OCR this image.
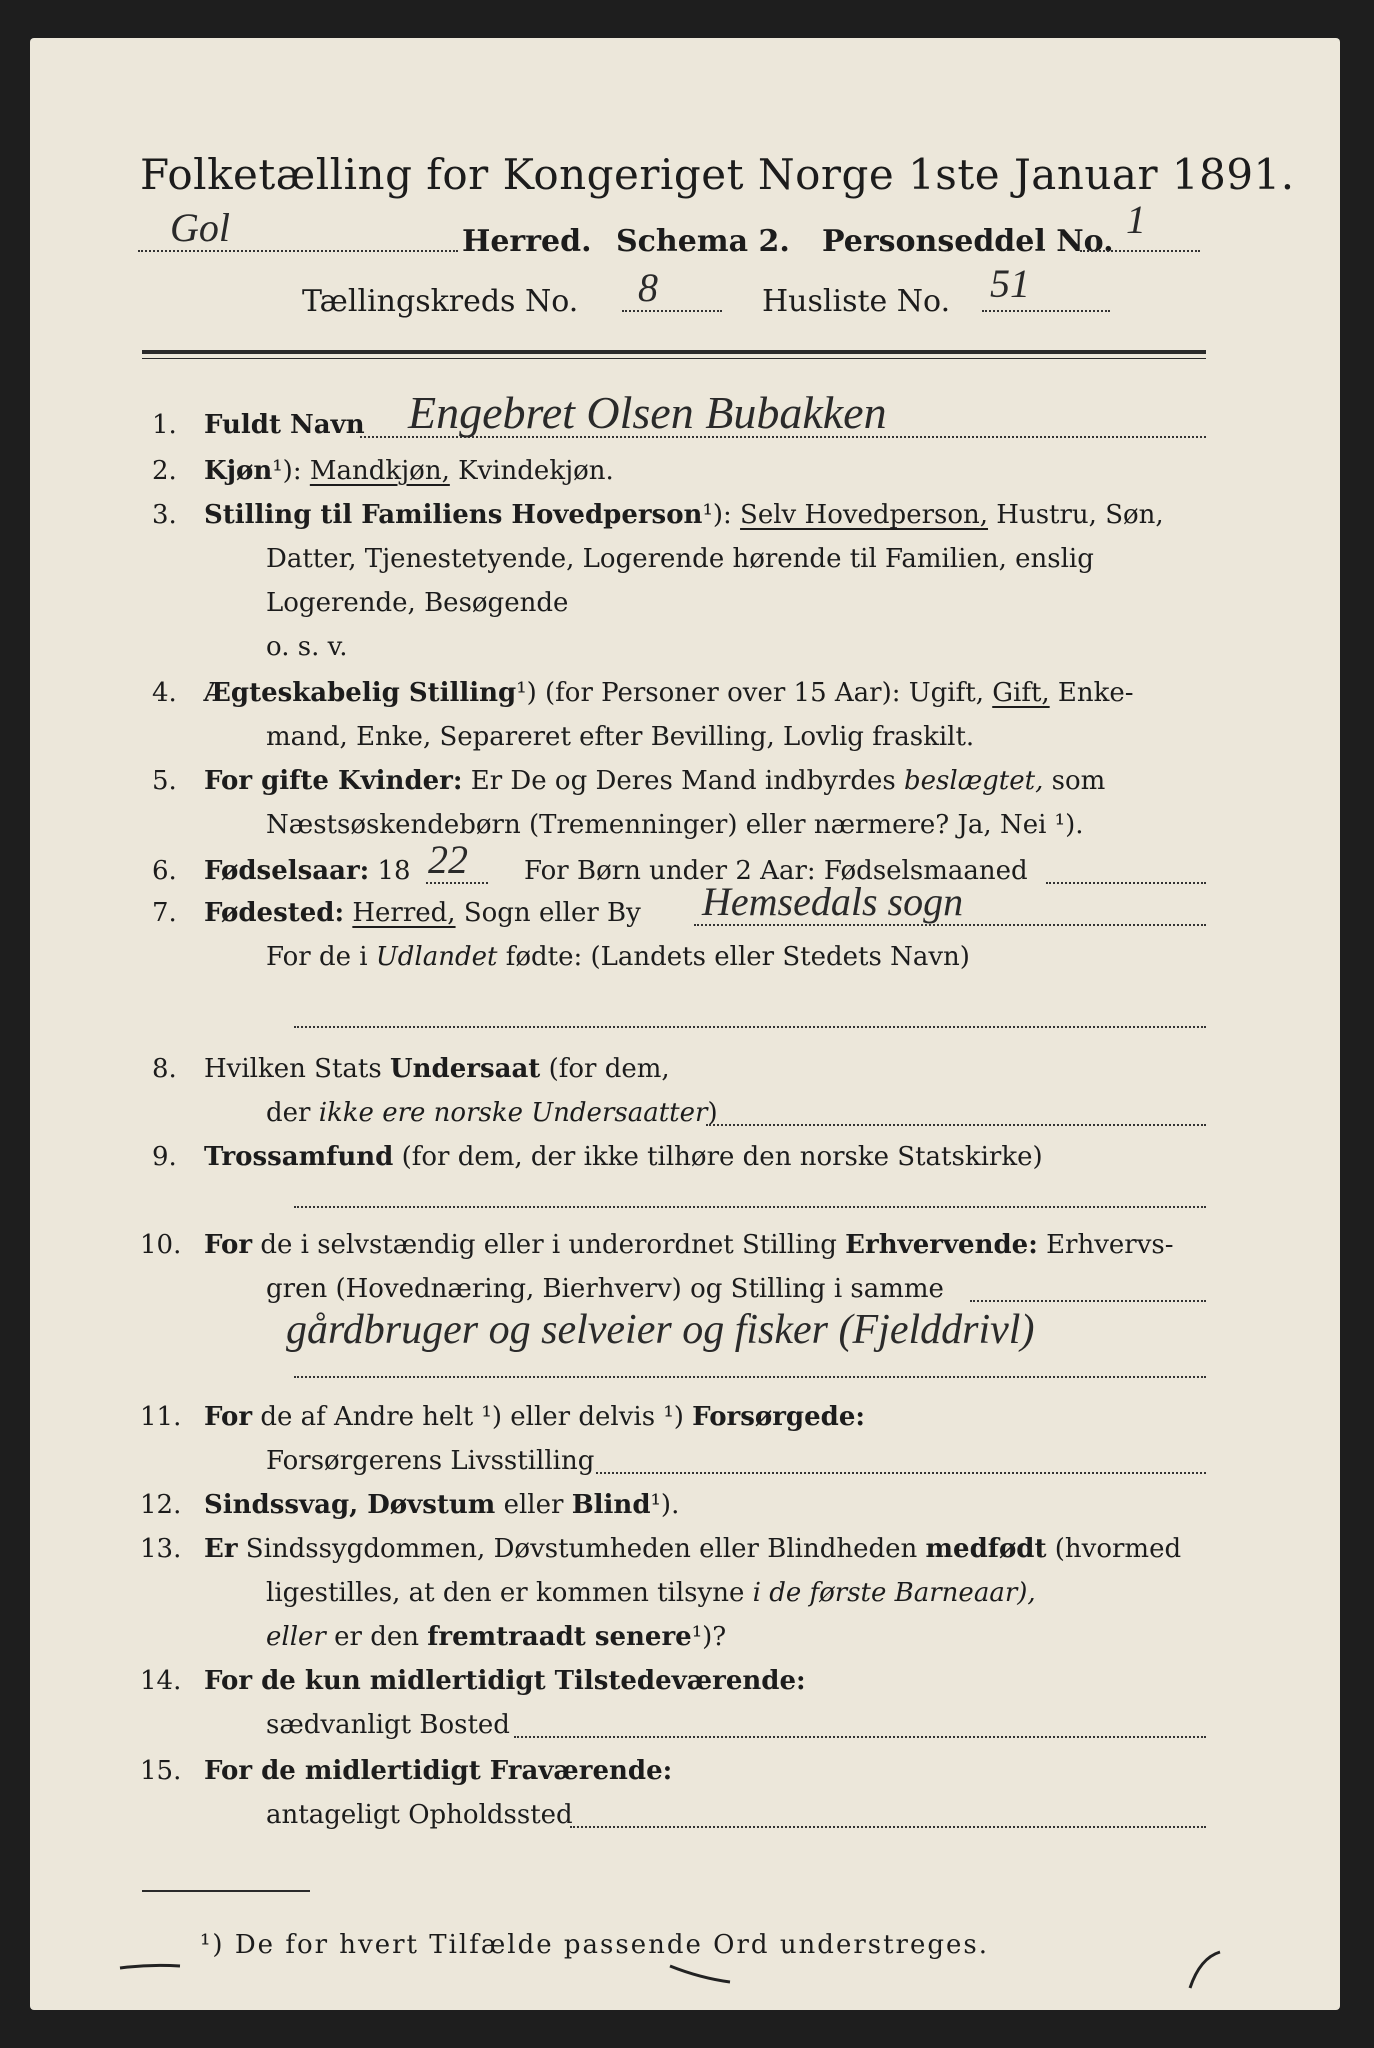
Folketælling for Kongeriget Norge 1ste Januar 1891.
Gol	Herred. Schema 2. Personseddel No. 1
Tællingskreds No. 8	Husliste No. 51
1. Fuldt Navn Engebret Olsen Bubakken
2. Kjøn¹): Mandkjøn, Kvindekjøn.
3. Stilling til Familiens Hovedperson¹): Selv Hovedperson, Hustru, Søn,
Datter, Tjenestetyende, Logerende hørende til Familien, enslig
Logerende, Besøgende
o. s. v.
4. Ægteskabelig Stilling¹) (for Personer over 15 Aar): Ugift, Gift, Enke-
mand, Enke, Separeret efter Bevilling, Lovlig fraskilt.
5. For gifte Kvinder: Er De og Deres Mand indbyrdes beslægtet, som
Næstsøskendebørn (Tremenninger) eller nærmere? Ja, Nei ¹).
6. Fødselsaar: 18 22 For Børn under 2 Aar: Fødselsmaaned
7. Fødested: Herred, Sogn eller By Hemsedals sogn
For de i Udlandet fødte: (Landets eller Stedets Navn)
8. Hvilken Stats Undersaat (for dem,
der ikke ere norske Undersaatter)
9. Trossamfund (for dem, der ikke tilhøre den norske Statskirke)
10. For de i selvstændig eller i underordnet Stilling Erhvervende: Erhvervs-
gren (Hovednæring, Bierhverv) og Stilling i samme
gårdbruger og selveier og fisker (Fjelddrivl)
11. For de af Andre helt ¹) eller delvis ¹) Forsørgede:
Forsørgerens Livsstilling
12. Sindssvag, Døvstum eller Blind¹).
13. Er Sindssygdommen, Døvstumheden eller Blindheden medfødt (hvormed
ligestilles, at den er kommen tilsyne i de første Barneaar),
eller er den fremtraadt senere¹)?
14. For de kun midlertidigt Tilstedeværende:
sædvanligt Bosted
15. For de midlertidigt Fraværende:
antageligt Opholdssted
¹) De for hvert Tilfælde passende Ord understreges.
